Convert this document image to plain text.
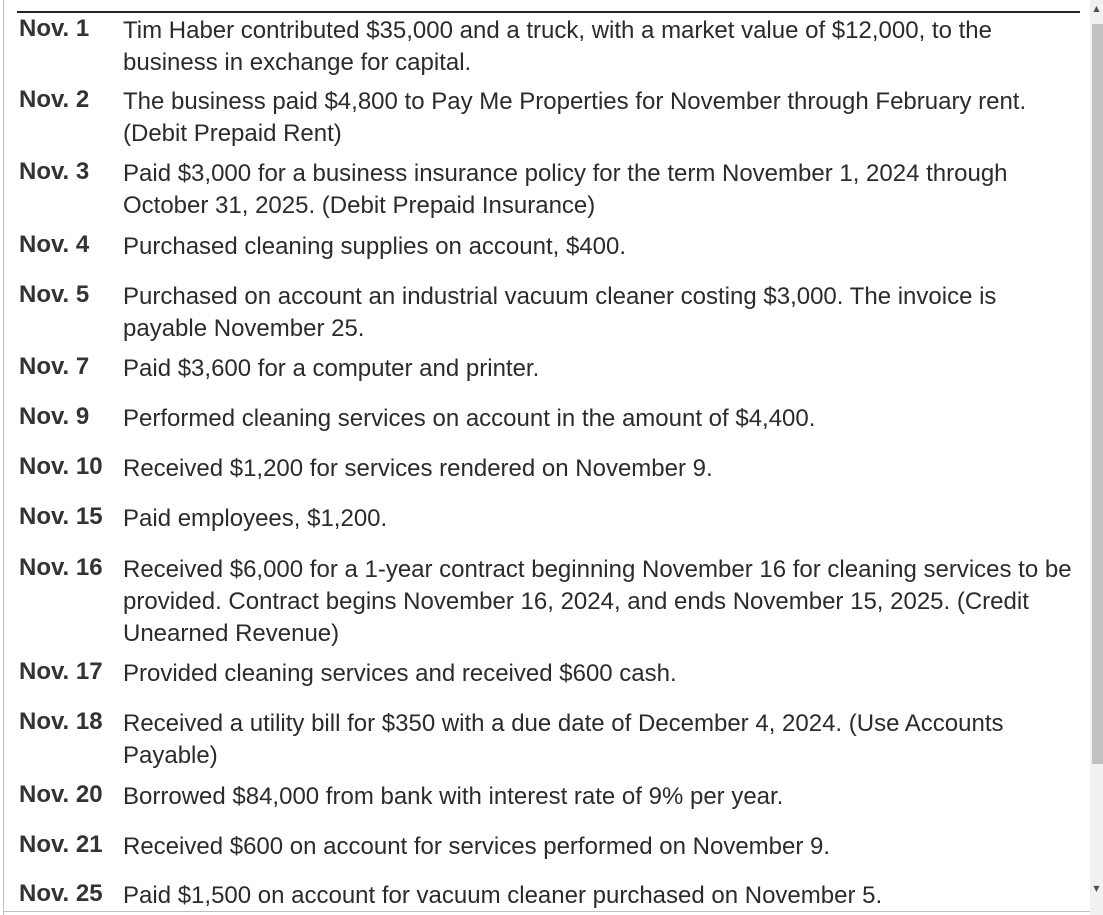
Nov. 1	Tim Haber contributed $35,000 and a truck, with a market value of $12,000, to the business in exchange for capital.
Nov. 2	The business paid $4,800 to Pay Me Properties for November through February rent. (Debit Prepaid Rent)
Nov. 3	Paid $3,000 for a business insurance policy for the term November 1, 2024 through October 31, 2025. (Debit Prepaid Insurance)
Nov. 4	Purchased cleaning supplies on account, $400.
Nov. 5	Purchased on account an industrial vacuum cleaner costing $3,000. The invoice is payable November 25.
Nov. 7	Paid $3,600 for a computer and printer.
Nov. 9	Performed cleaning services on account in the amount of $4,400.
Nov. 10 Received $1,200 for services rendered on November 9.
Nov. 15 Paid employees, $1,200.
Nov. 16 Received $6,000 for a 1-year contract beginning November 16 for cleaning services to be provided. Contract begins November 16, 2024, and ends November 15, 2025. (Credit Unearned Revenue)
Nov. 17 Provided cleaning services and received $600 cash.
Nov. 18 Received a utility bill for $350 with a due date of December 4, 2024. (Use Accounts Payable)
Nov. 20 Borrowed $84,000 from bank with interest rate of 9% per year.
Nov. 21 Received $600 on account for services performed on November 9.
Nov. 25 Paid $1,500 on account for vacuum cleaner purchased on November 5.
▲
▼
